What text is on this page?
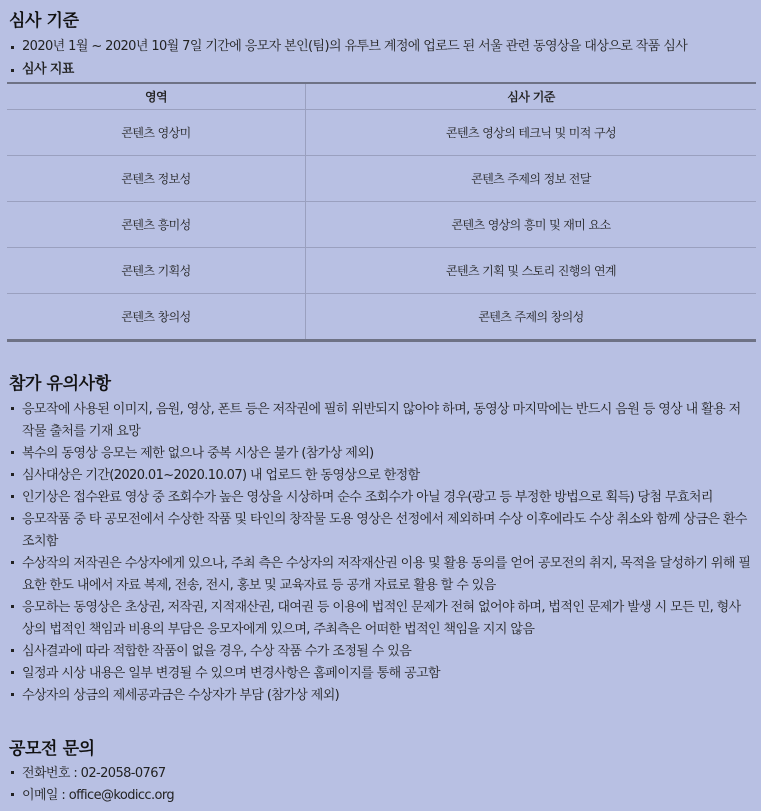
심사 기준
2020년 1월 ~ 2020년 10월 7일 기간에 응모자 본인(팀)의 유투브 계정에 업로드 된 서울 관련 동영상을 대상으로 작품 심사
심사 지표
영역	심사 기준
콘텐츠 영상미	콘텐츠 영상의 테크닉 및 미적 구성
콘텐츠 정보성	콘텐츠 주제의 정보 전달
콘텐츠 흥미성	콘텐츠 영상의 흥미 및 재미 요소
콘텐츠 기획성	콘텐츠 기획 및 스토리 진행의 연계
콘텐츠 창의성	콘텐츠 주제의 창의성
참가 유의사항
응모작에 사용된 이미지, 음원, 영상, 폰트 등은 저작권에 필히 위반되지 않아야 하며, 동영상 마지막에는 반드시 음원 등 영상 내 활용 저작물 출처를 기재 요망
복수의 동영상 응모는 제한 없으나 중복 시상은 불가 (참가상 제외)
심사대상은 기간(2020.01~2020.10.07) 내 업로드 한 동영상으로 한정함
인기상은 접수완료 영상 중 조회수가 높은 영상을 시상하며 순수 조회수가 아닐 경우(광고 등 부정한 방법으로 획득) 당첨 무효처리
응모작품 중 타 공모전에서 수상한 작품 및 타인의 창작물 도용 영상은 선정에서 제외하며 수상 이후에라도 수상 취소와 함께 상금은 환수 조치함
수상작의 저작권은 수상자에게 있으나, 주최 측은 수상자의 저작재산권 이용 및 활용 동의를 얻어 공모전의 취지, 목적을 달성하기 위해 필요한 한도 내에서 자료 복제, 전송, 전시, 홍보 및 교육자료 등 공개 자료로 활용 할 수 있음
응모하는 동영상은 초상권, 저작권, 지적재산권, 대여권 등 이용에 법적인 문제가 전혀 없어야 하며, 법적인 문제가 발생 시 모든 민, 형사상의 법적인 책임과 비용의 부담은 응모자에게 있으며, 주최측은 어떠한 법적인 책임을 지지 않음
심사결과에 따라 적합한 작품이 없을 경우, 수상 작품 수가 조정될 수 있음
일정과 시상 내용은 일부 변경될 수 있으며 변경사항은 홈페이지를 통해 공고함
수상자의 상금의 제세공과금은 수상자가 부담 (참가상 제외)
공모전 문의
전화번호 : 02-2058-0767
이메일 : office@kodicc.org
